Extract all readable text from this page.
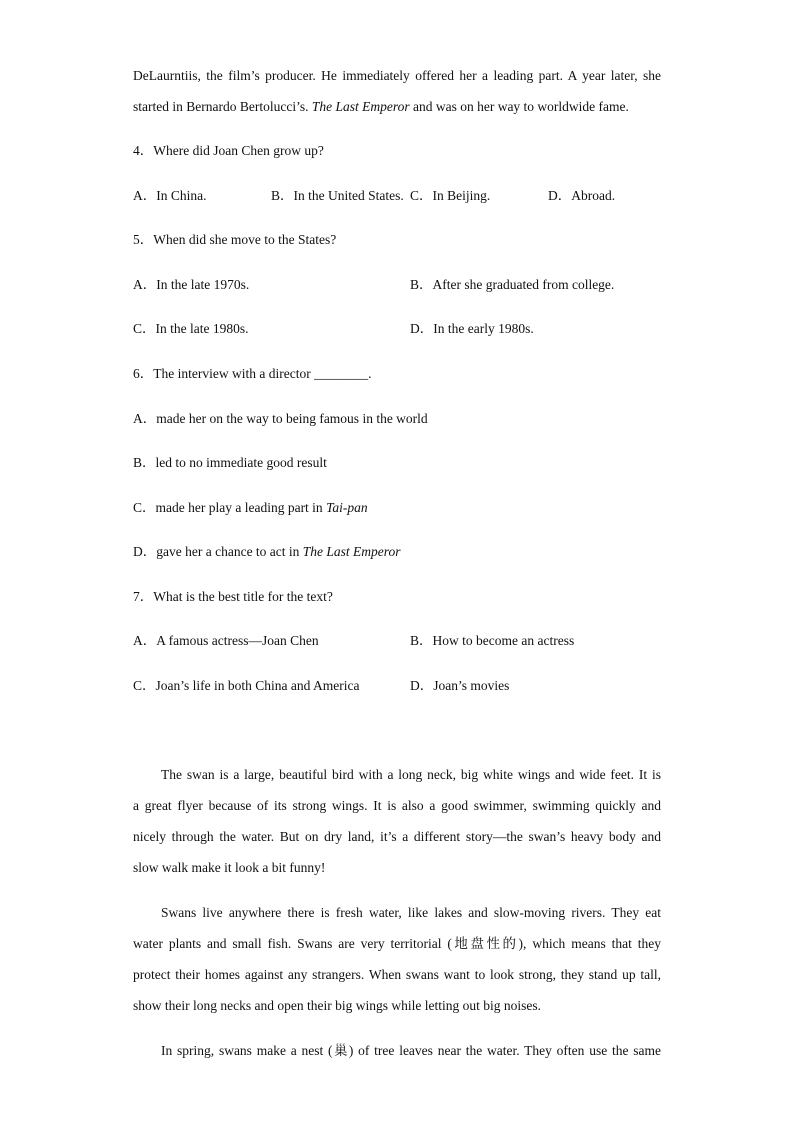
DeLaurntiis, the film’s producer. He immediately offered her a leading part. A year later, she
started in Bernardo Bertolucci’s. The Last Emperor and was on her way to worldwide fame.
4．Where did Joan Chen grow up?
A．In China.	B．In the United States. C．In Beijing.	D．Abroad.
5．When did she move to the States?
A．In the late 1970s.	B．After she graduated from college.
C．In the late 1980s.	D．In the early 1980s.
6．The interview with a director ________.
A．made her on the way to being famous in the world
B．led to no immediate good result
C．made her play a leading part in Tai-pan
D．gave her a chance to act in The Last Emperor
7．What is the best title for the text?
A．A famous actress—Joan Chen	B．How to become an actress
C．Joan’s life in both China and America	D．Joan’s movies
The swan is a large, beautiful bird with a long neck, big white wings and wide feet. It is
a great flyer because of its strong wings. It is also a good swimmer, swimming quickly and
nicely through the water. But on dry land, it’s a different story—the swan’s heavy body and
slow walk make it look a bit funny!
Swans live anywhere there is fresh water, like lakes and slow-moving rivers. They eat
water plants and small fish. Swans are very territorial (地盘性的), which means that they
protect their homes against any strangers. When swans want to look strong, they stand up tall,
show their long necks and open their big wings while letting out big noises.
In spring, swans make a nest (巢) of tree leaves near the water. They often use the same
